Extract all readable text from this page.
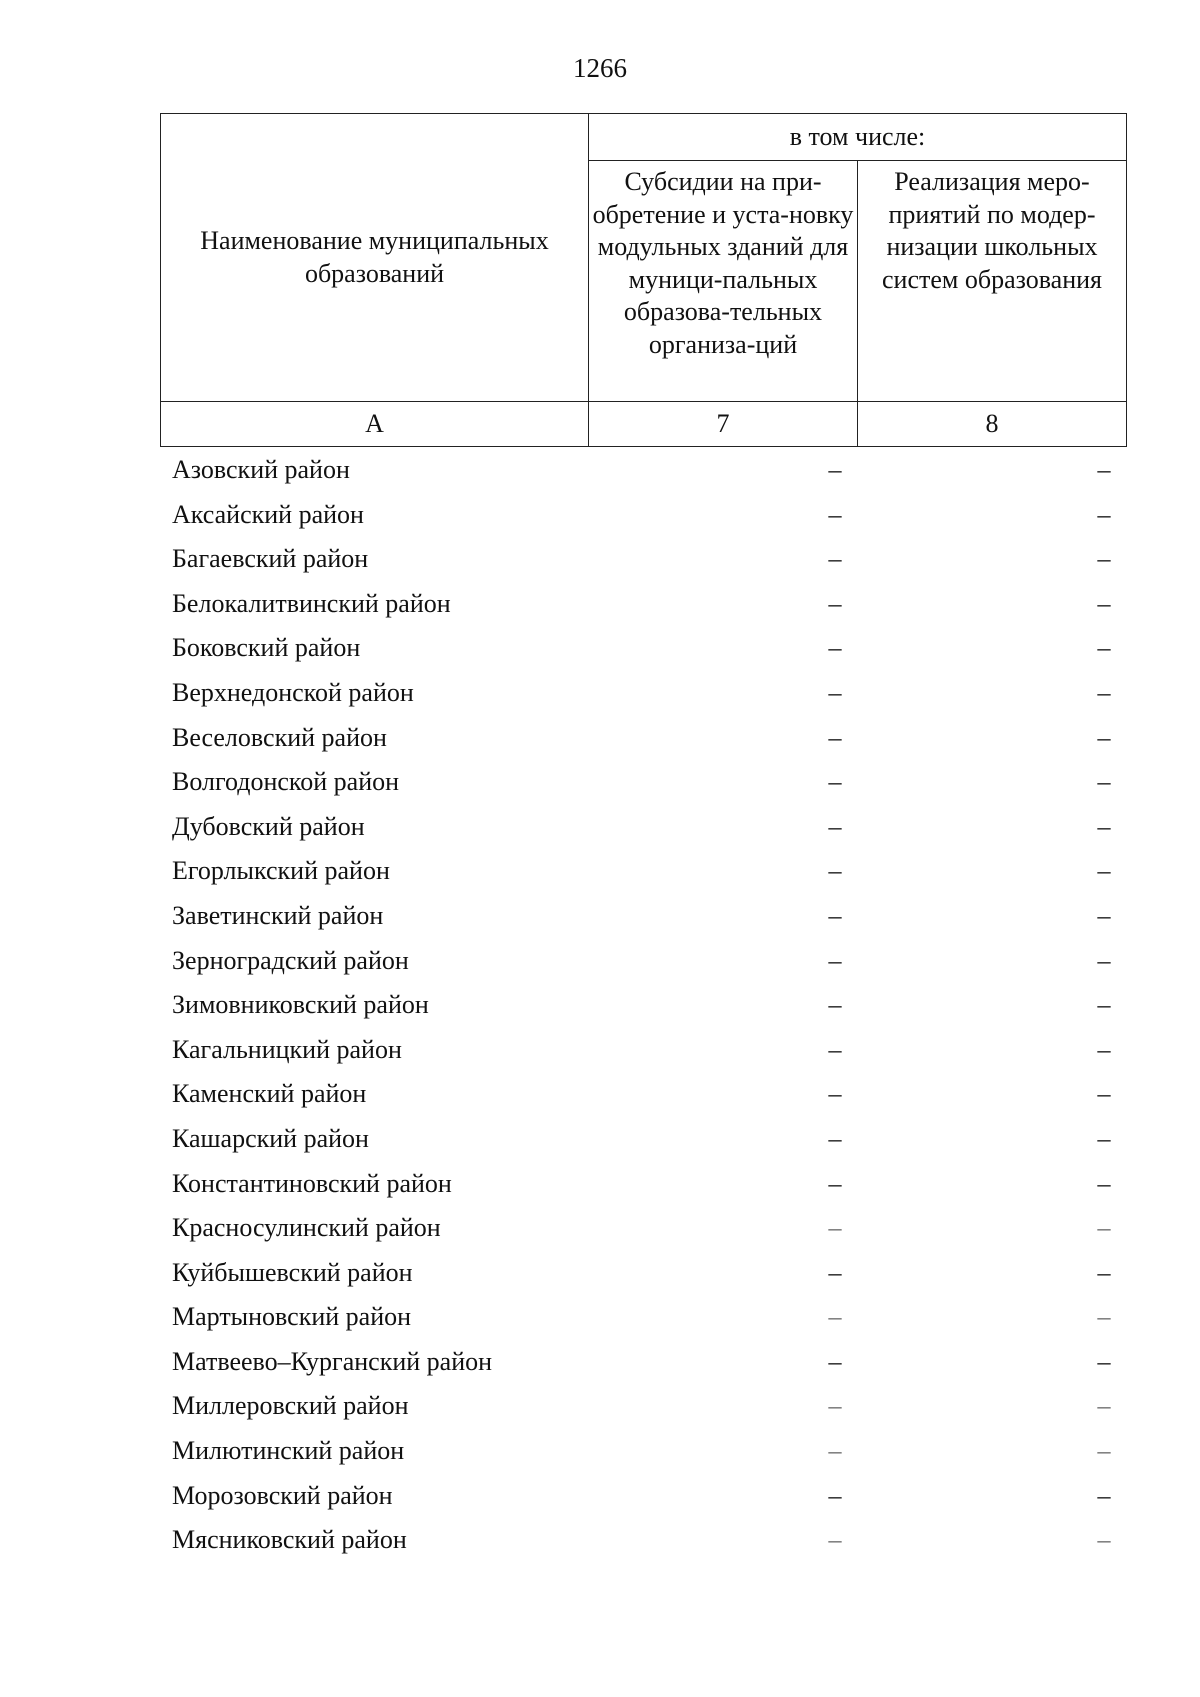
1266
Наименование муниципальных образований	в том числе:	

	Субсидии на при-обретение и уста-новку модульных зданий для муници-пальных образова-тельных организа-ций	Реализация меро-приятий по модер-низации школьных систем образования

А	7	8
Азовский район	–	–
Аксайский район	–	–
Багаевский район	–	–
Белокалитвинский район	–	–
Боковский район	–	–
Верхнедонской район	–	–
Веселовский район	–	–
Волгодонской район	–	–
Дубовский район	–	–
Егорлыкский район	–	–
Заветинский район	–	–
Зерноградский район	–	–
Зимовниковский район	–	–
Кагальницкий район	–	–
Каменский район	–	–
Кашарский район	–	–
Константиновский район	–	–
Красносулинский район	–	–
Куйбышевский район	–	–
Мартыновский район	–	–
Матвеево–Курганский район	–	–
Миллеровский район	–	–
Милютинский район	–	–
Морозовский район	–	–
Мясниковский район	–	–
